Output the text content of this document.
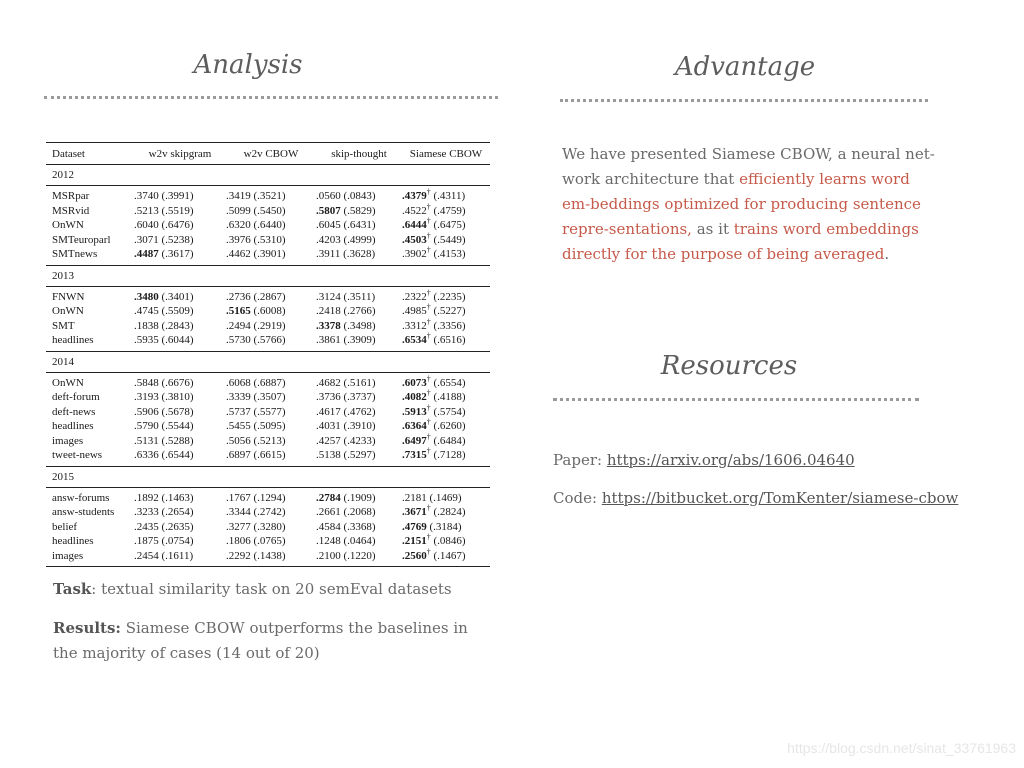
Analysis
Dataset	w2v skipgram	w2v CBOW	skip-thought	Siamese CBOW
2012				
MSRpar	.3740 (.3991)	.3419 (.3521)	.0560 (.0843)	.4379† (.4311)
MSRvid	.5213 (.5519)	.5099 (.5450)	.5807 (.5829)	.4522† (.4759)
OnWN	.6040 (.6476)	.6320 (.6440)	.6045 (.6431)	.6444† (.6475)
SMTeuroparl	.3071 (.5238)	.3976 (.5310)	.4203 (.4999)	.4503† (.5449)
SMTnews	.4487 (.3617)	.4462 (.3901)	.3911 (.3628)	.3902† (.4153)
2013				
FNWN	.3480 (.3401)	.2736 (.2867)	.3124 (.3511)	.2322† (.2235)
OnWN	.4745 (.5509)	.5165 (.6008)	.2418 (.2766)	.4985† (.5227)
SMT	.1838 (.2843)	.2494 (.2919)	.3378 (.3498)	.3312† (.3356)
headlines	.5935 (.6044)	.5730 (.5766)	.3861 (.3909)	.6534† (.6516)
2014				
OnWN	.5848 (.6676)	.6068 (.6887)	.4682 (.5161)	.6073† (.6554)
deft-forum	.3193 (.3810)	.3339 (.3507)	.3736 (.3737)	.4082† (.4188)
deft-news	.5906 (.5678)	.5737 (.5577)	.4617 (.4762)	.5913† (.5754)
headlines	.5790 (.5544)	.5455 (.5095)	.4031 (.3910)	.6364† (.6260)
images	.5131 (.5288)	.5056 (.5213)	.4257 (.4233)	.6497† (.6484)
tweet-news	.6336 (.6544)	.6897 (.6615)	.5138 (.5297)	.7315† (.7128)
2015				
answ-forums	.1892 (.1463)	.1767 (.1294)	.2784 (.1909)	.2181 (.1469)
answ-students	.3233 (.2654)	.3344 (.2742)	.2661 (.2068)	.3671† (.2824)
belief	.2435 (.2635)	.3277 (.3280)	.4584 (.3368)	.4769 (.3184)
headlines	.1875 (.0754)	.1806 (.0765)	.1248 (.0464)	.2151† (.0846)
images	.2454 (.1611)	.2292 (.1438)	.2100 (.1220)	.2560† (.1467)

Task: textual similarity task on 20 semEval datasets

Results: Siamese CBOW outperforms the baselines in the majority of cases (14 out of 20)

Advantage

We have presented Siamese CBOW, a neural net-work architecture that efficiently learns word em-beddings optimized for producing sentence repre-sentations, as it trains word embeddings directly for the purpose of being averaged.

Resources

Paper: https://arxiv.org/abs/1606.04640

Code: https://bitbucket.org/TomKenter/siamese-cbow

https://blog.csdn.net/sinat_33761963
